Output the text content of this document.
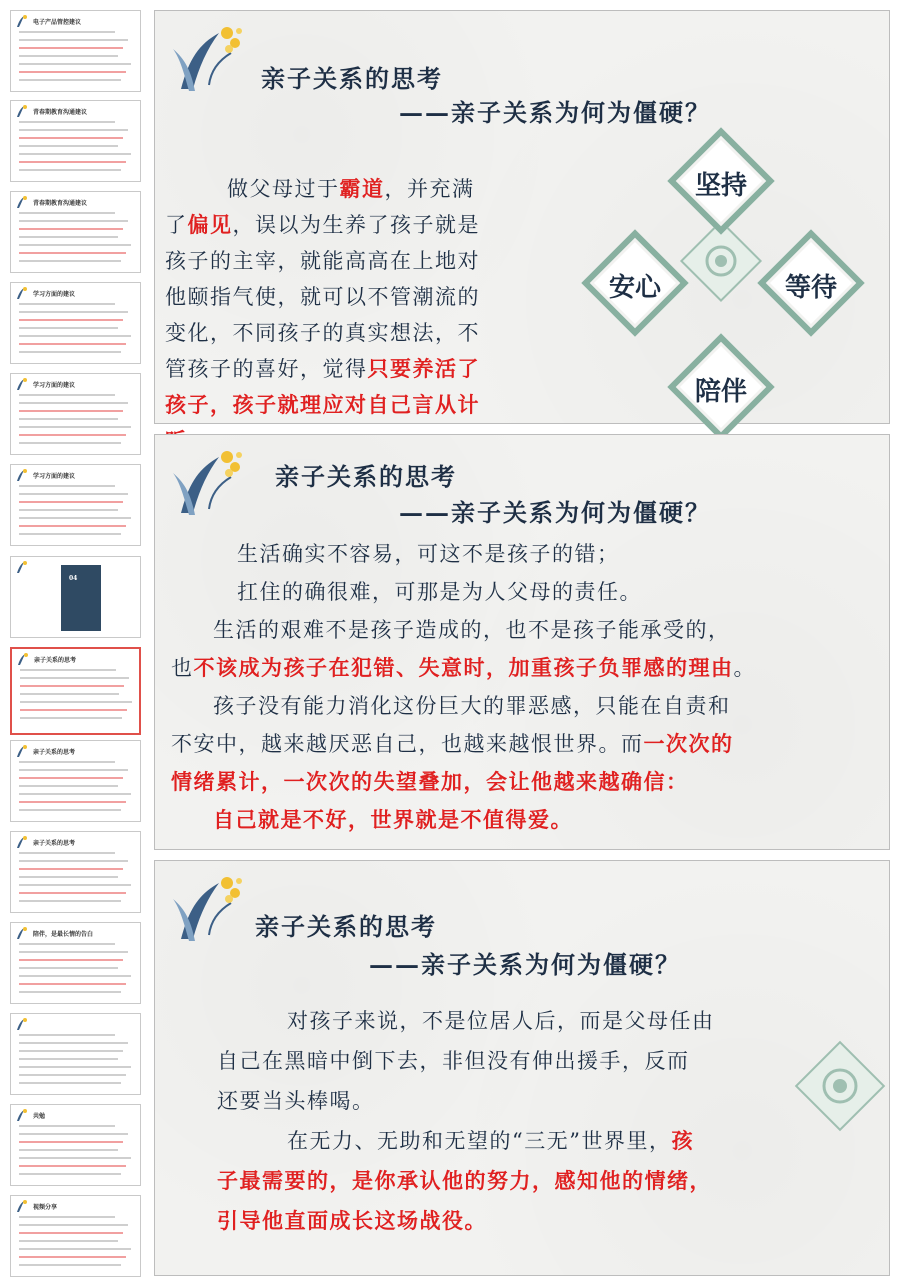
电子产品管控建议
青春期教育沟通建议
青春期教育沟通建议
学习方面的建议
学习方面的建议
学习方面的建议
04
亲子关系的思考
亲子关系的思考
亲子关系的思考
陪伴，是最长情的告白
共勉
视频分享
亲子关系的思考
——亲子关系为何为僵硬？
做父母过于霸道，并充满
了偏见，误以为生养了孩子就是
孩子的主宰，就能高高在上地对
他颐指气使，就可以不管潮流的
变化，不同孩子的真实想法，不
管孩子的喜好，觉得只要养活了
孩子，孩子就理应对自己言从计
坚持
安心	等待
陪伴
亲子关系的思考
——亲子关系为何为僵硬？
生活确实不容易，可这不是孩子的错；
扛住的确很难，可那是为人父母的责任。
生活的艰难不是孩子造成的，也不是孩子能承受的，
也不该成为孩子在犯错、失意时，加重孩子负罪感的理由。
孩子没有能力消化这份巨大的罪恶感，只能在自责和
不安中，越来越厌恶自己，也越来越恨世界。而一次次的
情绪累计，一次次的失望叠加，会让他越来越确信：
自己就是不好，世界就是不值得爱。
亲子关系的思考
——亲子关系为何为僵硬？
对孩子来说，不是位居人后，而是父母任由
自己在黑暗中倒下去，非但没有伸出援手，反而
还要当头棒喝。
在无力、无助和无望的“三无”世界里，孩
子最需要的，是你承认他的努力，感知他的情绪，
引导他直面成长这场战役。
